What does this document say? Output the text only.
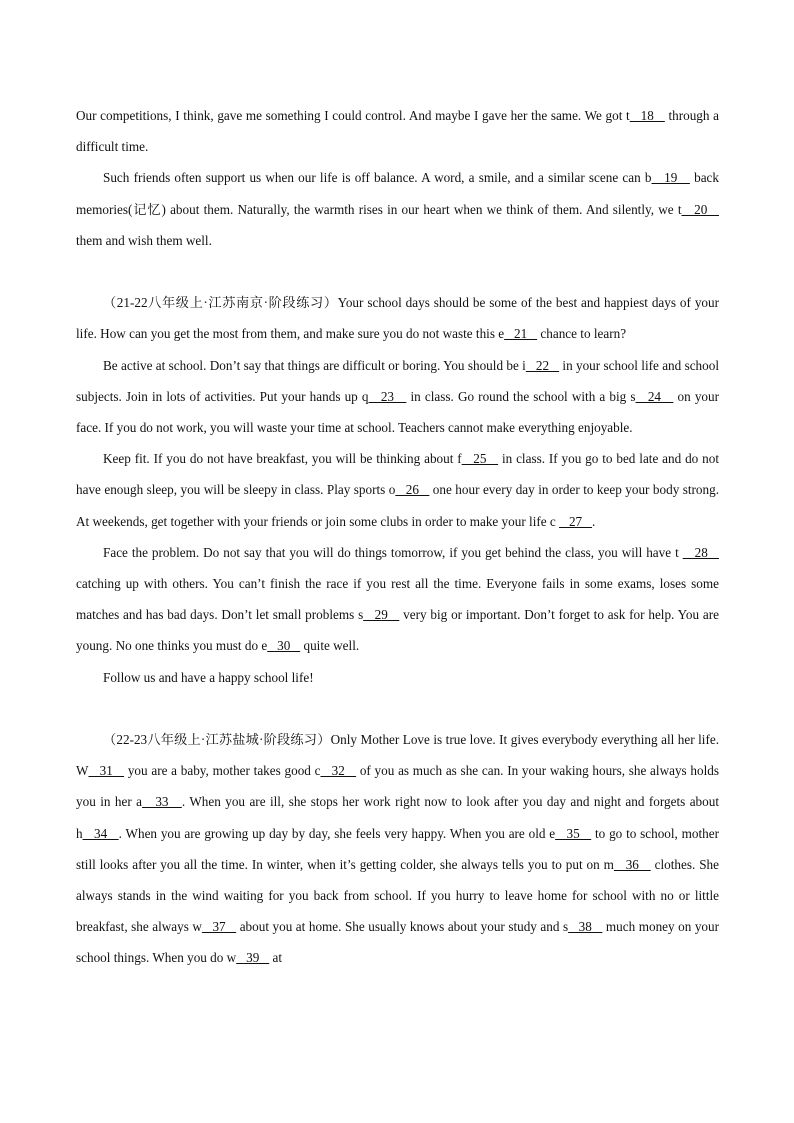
Our competitions, I think, gave me something I could control. And maybe I gave her the same. We got t   18    through a difficult time.

Such friends often support us when our life is off balance. A word, a smile, and a similar scene can b   19    back memories(记忆) about them. Naturally, the warmth rises in our heart when we think of them. And silently, we t   20    them and wish them well.

（21-22八年级上·江苏南京·阶段练习）Your school days should be some of the best and happiest days of your life. How can you get the most from them, and make sure you do not waste this e   21    chance to learn?

Be active at school. Don’t say that things are difficult or boring. You should be i   22    in your school life and school subjects. Join in lots of activities. Put your hands up q   23    in class. Go round the school with a big s   24    on your face. If you do not work, you will waste your time at school. Teachers cannot make everything enjoyable.

Keep fit. If you do not have breakfast, you will be thinking about f   25    in class. If you go to bed late and do not have enough sleep, you will be sleepy in class. Play sports o   26    one hour every day in order to keep your body strong. At weekends, get together with your friends or join some clubs in order to make your life c    27   .

Face the problem. Do not say that you will do things tomorrow, if you get behind the class, you will have t    28    catching up with others. You can’t finish the race if you rest all the time. Everyone fails in some exams, loses some matches and has bad days. Don’t let small problems s   29    very big or important. Don’t forget to ask for help. You are young. No one thinks you must do e   30    quite well.

Follow us and have a happy school life!

（22-23八年级上·江苏盐城·阶段练习）Only Mother Love is true love. It gives everybody everything all her life. W   31    you are a baby, mother takes good c   32    of you as much as she can. In your waking hours, she always holds you in her a   33   . When you are ill, she stops her work right now to look after you day and night and forgets about h   34   . When you are growing up day by day, she feels very happy. When you are old e   35    to go to school, mother still looks after you all the time. In winter, when it’s getting colder, she always tells you to put on m   36    clothes. She always stands in the wind waiting for you back from school. If you hurry to leave home for school with no or little breakfast, she always w   37    about you at home. She usually knows about your study and s   38    much money on your school things. When you do w   39    at
